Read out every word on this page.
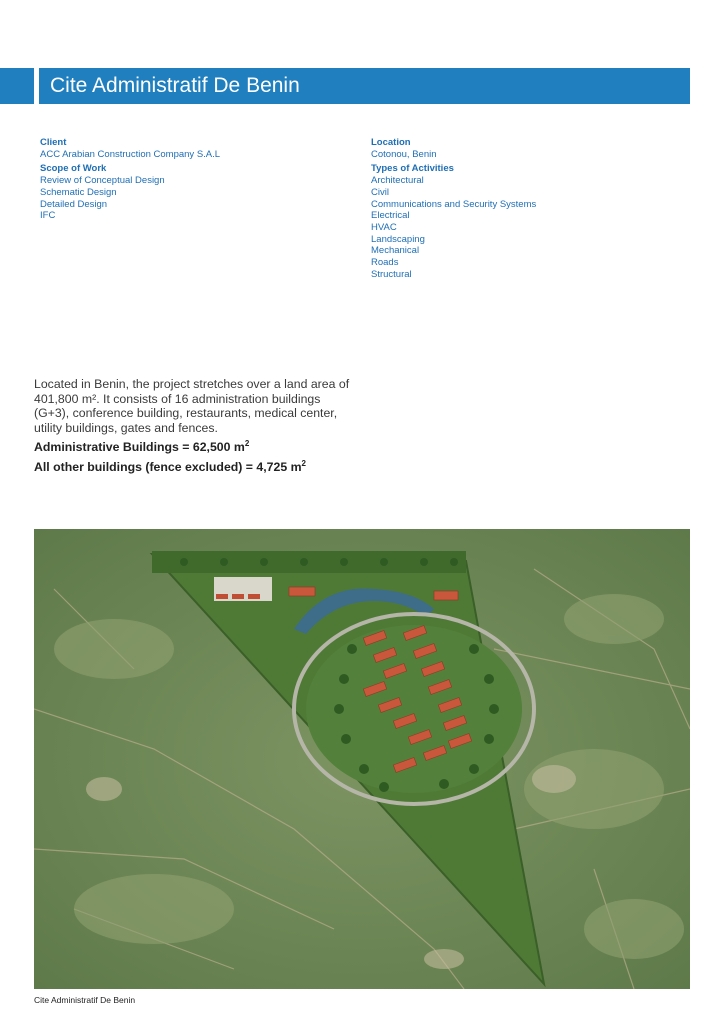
Cite Administratif De Benin
Client
ACC Arabian Construction Company S.A.L
Scope of Work
Review of Conceptual Design
Schematic Design
Detailed Design
IFC
Location
Cotonou, Benin
Types of Activities
Architectural
Civil
Communications and Security Systems
Electrical
HVAC
Landscaping
Mechanical
Roads
Structural
Located in Benin, the project stretches over a land area of 401,800 m². It consists of 16 administration buildings (G+3), conference building, restaurants, medical center, utility buildings, gates and fences.
Administrative Buildings = 62,500 $m^2$
All other buildings (fence excluded) = 4,725 $m^2$
Cite Administratif De Benin
